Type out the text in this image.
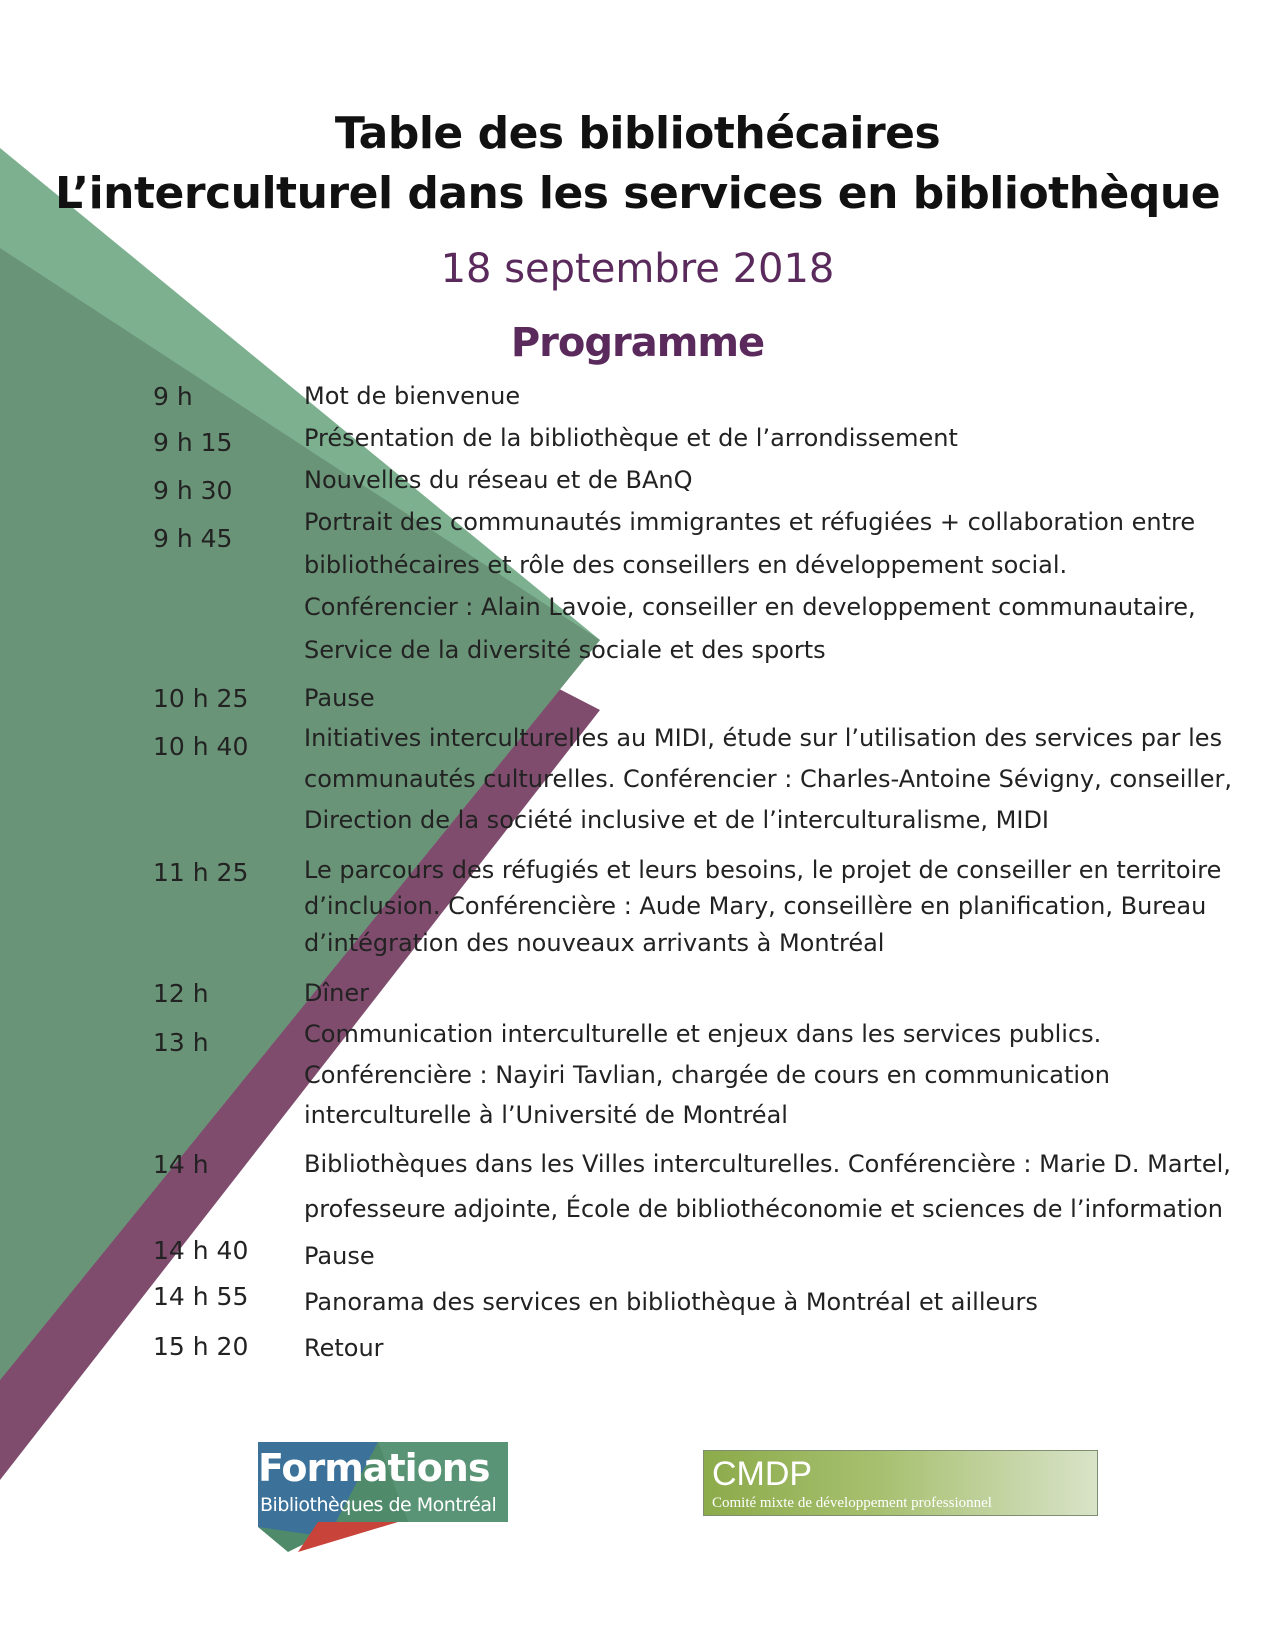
Table des bibliothécaires
L’interculturel dans les services en bibliothèque
18 septembre 2018
Programme
9 h	Mot de bienvenue
9 h 15	Présentation de la bibliothèque et de l’arrondissement
9 h 30	Nouvelles du réseau et de BAnQ
9 h 45
Portrait des communautés immigrantes et réfugiées + collaboration entre
bibliothécaires et rôle des conseillers en développement social.
Conférencier : Alain Lavoie, conseiller en developpement communautaire,
Service de la diversité sociale et des sports
10 h 25 Pause
10 h 40 Initiatives interculturelles au MIDI, étude sur l’utilisation des services par les
communautés culturelles. Conférencier : Charles-Antoine Sévigny, conseiller,
Direction de la société inclusive et de l’interculturalisme, MIDI
11 h 25 Le parcours des réfugiés et leurs besoins, le projet de conseiller en territoire
d’inclusion. Conférencière : Aude Mary, conseillère en planification, Bureau
d’intégration des nouveaux arrivants à Montréal
12 h	Dîner
13 h	Communication interculturelle et enjeux dans les services publics.
Conférencière : Nayiri Tavlian, chargée de cours en communication
interculturelle à l’Université de Montréal
14 h	Bibliothèques dans les Villes interculturelles. Conférencière : Marie D. Martel,
professeure adjointe, École de bibliothéconomie et sciences de l’information
14 h 40 Pause
14 h 55 Panorama des services en bibliothèque à Montréal et ailleurs
15 h 20 Retour
Formations
Bibliothèques de Montréal
CMDP
Comité mixte de développement professionnel
